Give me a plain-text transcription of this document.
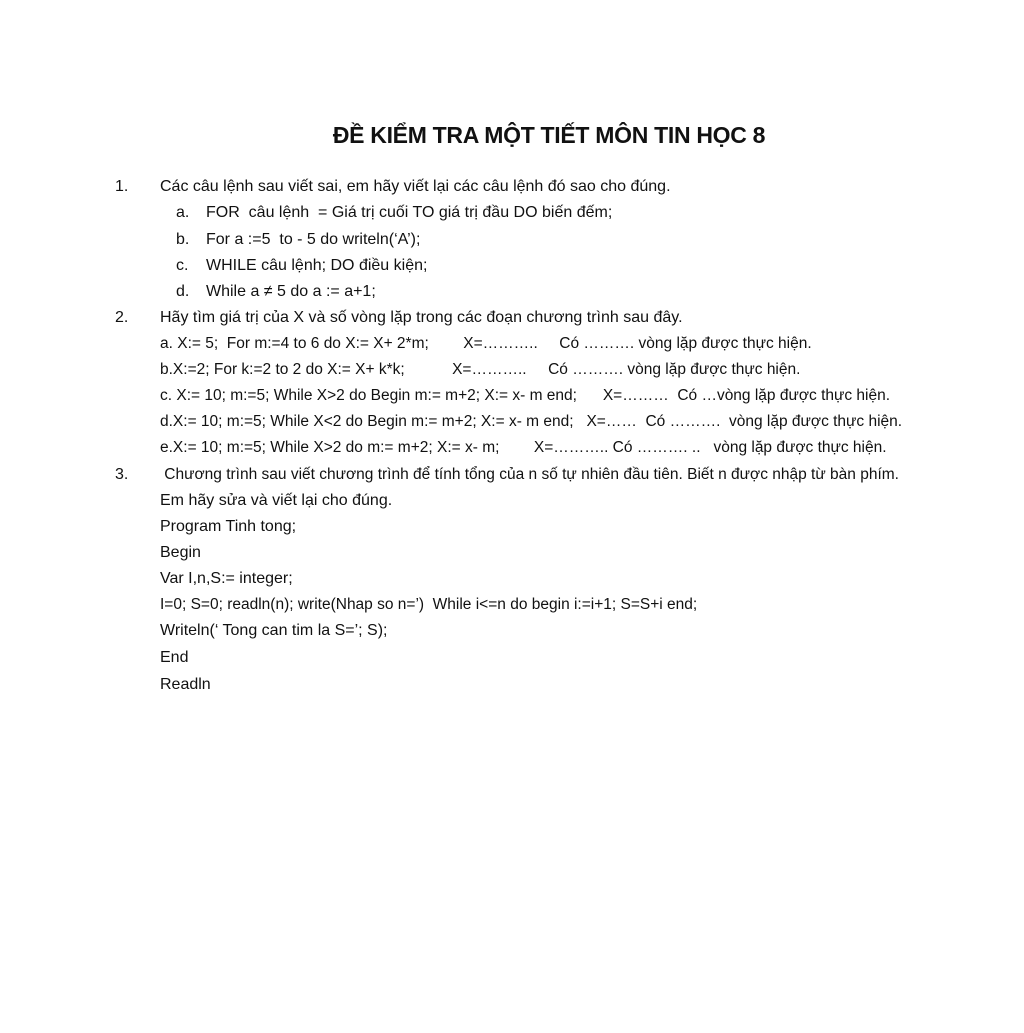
ĐỀ KIỂM TRA MỘT TIẾT MÔN TIN HỌC 8
1. Các câu lệnh sau viết sai, em hãy viết lại các câu lệnh đó sao cho đúng.
a. FOR  câu lệnh  = Giá trị cuối TO giá trị đầu DO biến đếm;
b. For a :=5  to - 5 do writeln(‘A’);
c. WHILE câu lệnh; DO điều kiện;
d. While a ≠ 5 do a := a+1;
2. Hãy tìm giá trị của X và số vòng lặp trong các đoạn chương trình sau đây.
a. X:= 5;  For m:=4 to 6 do X:= X+ 2*m;        X=………..     Có ………. vòng lặp được thực hiện.
b.X:=2; For k:=2 to 2 do X:= X+ k*k;           X=………..     Có ………. vòng lặp được thực hiện.
c. X:= 10; m:=5; While X>2 do Begin m:= m+2; X:= x- m end;      X=………  Có …vòng lặp được thực hiện.
d.X:= 10; m:=5; While X<2 do Begin m:= m+2; X:= x- m end;   X=……  Có ……….  vòng lặp được thực hiện.
e.X:= 10; m:=5; While X>2 do m:= m+2; X:= x- m;        X=……….. Có ………. ..   vòng lặp được thực hiện.
3. Chương trình sau viết chương trình để tính tổng của n số tự nhiên đầu tiên. Biết n được nhập từ bàn phím.
Em hãy sửa và viết lại cho đúng.
Program Tinh tong;
Begin
Var I,n,S:= integer;
I=0; S=0; readln(n); write(Nhap so n=’)  While i<=n do begin i:=i+1; S=S+i end;
Writeln(‘ Tong can tim la S=’; S);
End
Readln
